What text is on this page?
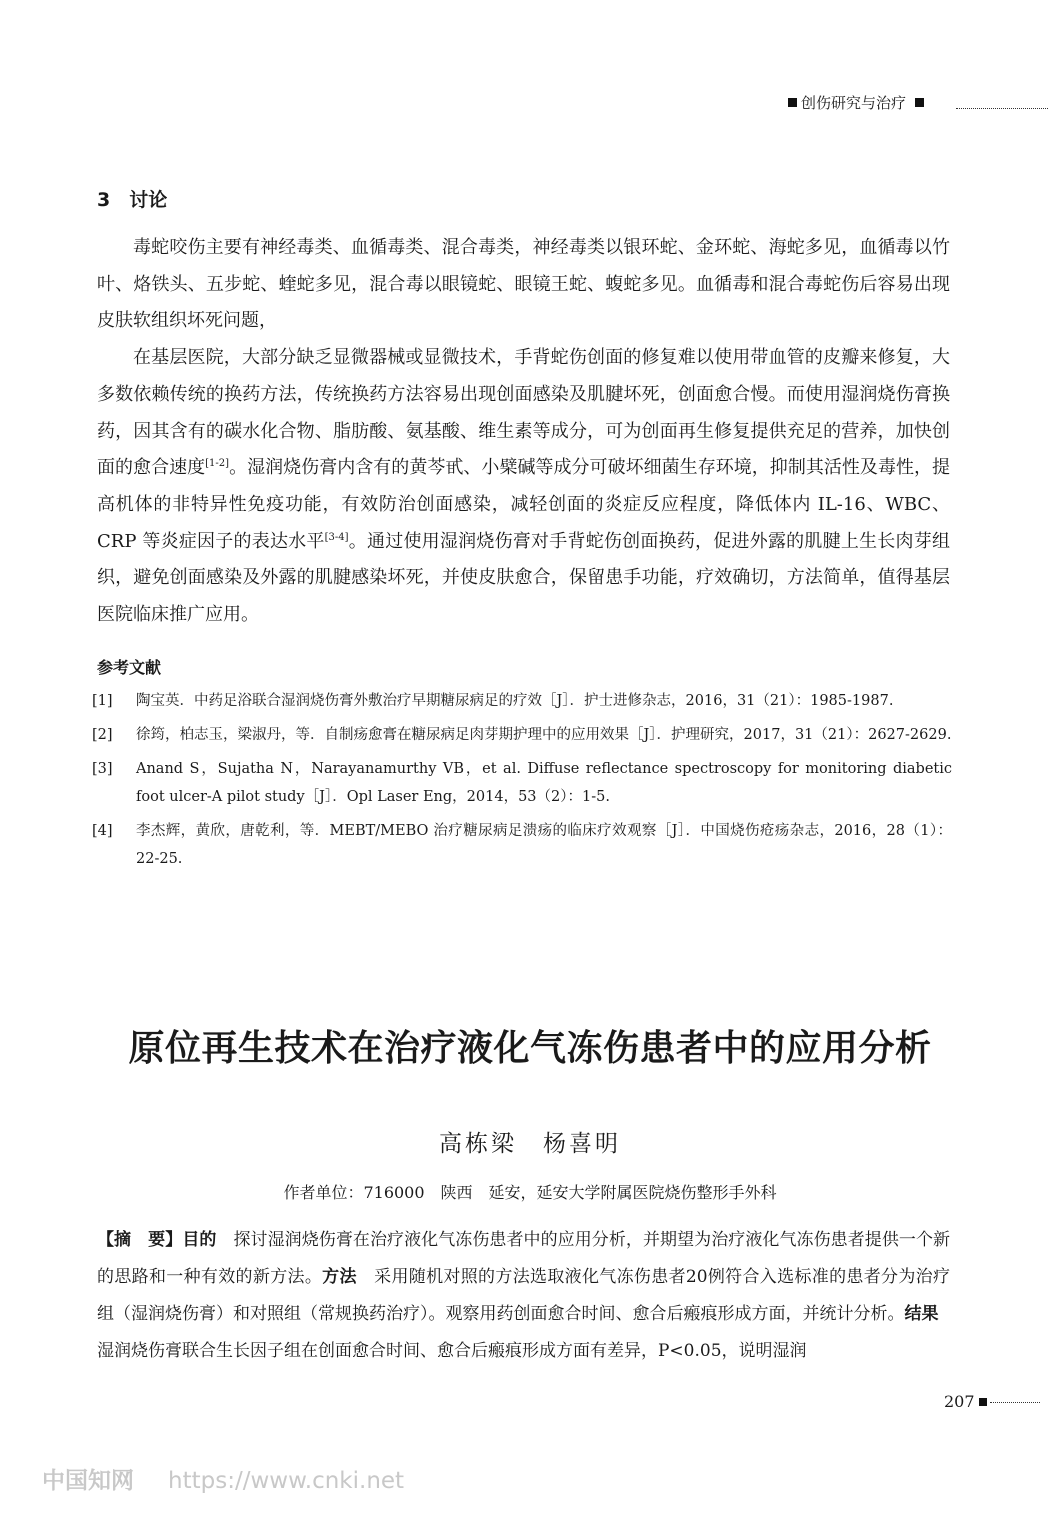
创伤研究与治疗
3　讨论

毒蛇咬伤主要有神经毒类、血循毒类、混合毒类，神经毒类以银环蛇、金环蛇、海蛇多见，血循毒以竹叶、烙铁头、五步蛇、蝰蛇多见，混合毒以眼镜蛇、眼镜王蛇、蝮蛇多见。血循毒和混合毒蛇伤后容易出现皮肤软组织坏死问题，

在基层医院，大部分缺乏显微器械或显微技术，手背蛇伤创面的修复难以使用带血管的皮瓣来修复，大多数依赖传统的换药方法，传统换药方法容易出现创面感染及肌腱坏死，创面愈合慢。而使用湿润烧伤膏换药，因其含有的碳水化合物、脂肪酸、氨基酸、维生素等成分，可为创面再生修复提供充足的营养，加快创面的愈合速度[1-2]。湿润烧伤膏内含有的黄芩甙、小檗碱等成分可破坏细菌生存环境，抑制其活性及毒性，提高机体的非特异性免疫功能，有效防治创面感染，减轻创面的炎症反应程度，降低体内 IL-16、WBC、CRP 等炎症因子的表达水平[3-4]。通过使用湿润烧伤膏对手背蛇伤创面换药，促进外露的肌腱上生长肉芽组织，避免创面感染及外露的肌腱感染坏死，并使皮肤愈合，保留患手功能，疗效确切，方法简单，值得基层医院临床推广应用。

参考文献
[1] 陶宝英．中药足浴联合湿润烧伤膏外敷治疗早期糖尿病足的疗效［J］．护士进修杂志，2016，31（21）：1985-1987.
[2] 徐筠，柏志玉，梁淑丹，等．自制疡愈膏在糖尿病足肉芽期护理中的应用效果［J］．护理研究，2017，31（21）：2627-2629.
[3] Anand S，Sujatha N，Narayanamurthy VB，et al. Diffuse reflectance spectroscopy for monitoring diabetic foot ulcer-A pilot study［J］．Opl Laser Eng，2014，53（2）：1-5.
[4] 李杰辉，黄欣，唐乾利，等．MEBT/MEBO 治疗糖尿病足溃疡的临床疗效观察［J］．中国烧伤疮疡杂志，2016，28（1）：22-25.
原位再生技术在治疗液化气冻伤患者中的应用分析
高栋梁　杨喜明
作者单位：716000　陕西　延安，延安大学附属医院烧伤整形手外科
【摘　要】目的　探讨湿润烧伤膏在治疗液化气冻伤患者中的应用分析，并期望为治疗液化气冻伤患者提供一个新的思路和一种有效的新方法。方法　采用随机对照的方法选取液化气冻伤患者20例符合入选标准的患者分为治疗组（湿润烧伤膏）和对照组（常规换药治疗）。观察用药创面愈合时间、愈合后瘢痕形成方面，并统计分析。结果　湿润烧伤膏联合生长因子组在创面愈合时间、愈合后瘢痕形成方面有差异，P<0.05，说明湿润
207
中国知网 https://www.cnki.net
